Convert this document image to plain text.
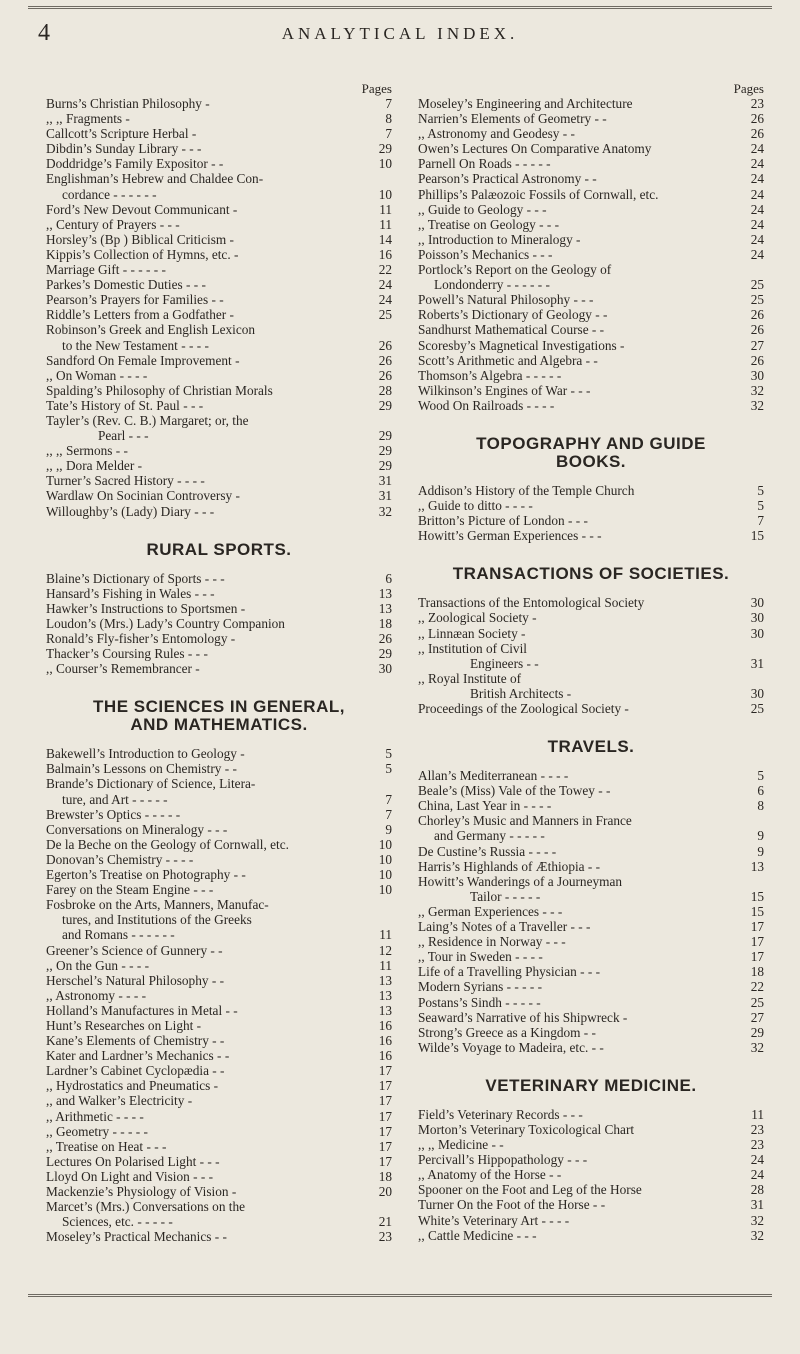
4	ANALYTICAL INDEX.
Pages
Burns’s Christian Philosophy -	7
,, ,, Fragments -	8
Callcott’s Scripture Herbal -	7
Dibdin’s Sunday Library - - -	29
Doddridge’s Family Expositor - -	10
Englishman’s Hebrew and Chaldee Con-
cordance - - - - - -	10
Ford’s New Devout Communicant -	11
,, Century of Prayers - - -	11
Horsley’s (Bp ) Biblical Criticism -	14
Kippis’s Collection of Hymns, etc. -	16
Marriage Gift - - - - - -	22
Parkes’s Domestic Duties - - -	24
Pearson’s Prayers for Families - -	24
Riddle’s Letters from a Godfather -	25
Robinson’s Greek and English Lexicon
to the New Testament - - - -	26
Sandford On Female Improvement -	26
,, On Woman - - - -	26
Spalding’s Philosophy of Christian Morals	28
Tate’s History of St. Paul - - -	29
Tayler’s (Rev. C. B.) Margaret; or, the
Pearl - - -	29
,, ,, Sermons - -	29
,, ,, Dora Melder -	29
Turner’s Sacred History - - - -	31
Wardlaw On Socinian Controversy -	31
Willoughby’s (Lady) Diary - - -	32
RURAL SPORTS.
Blaine’s Dictionary of Sports - - -	6
Hansard’s Fishing in Wales - - -	13
Hawker’s Instructions to Sportsmen -	13
Loudon’s (Mrs.) Lady’s Country Companion	18
Ronald’s Fly-fisher’s Entomology -	26
Thacker’s Coursing Rules - - -	29
,, Courser’s Remembrancer -	30
THE SCIENCES IN GENERAL,
AND MATHEMATICS.
Bakewell’s Introduction to Geology -	5
Balmain’s Lessons on Chemistry - -	5
Brande’s Dictionary of Science, Litera-
ture, and Art - - - - -	7
Brewster’s Optics - - - - -	7
Conversations on Mineralogy - - -	9
De la Beche on the Geology of Cornwall, etc.	10
Donovan’s Chemistry - - - -	10
Egerton’s Treatise on Photography - -	10
Farey on the Steam Engine - - -	10
Fosbroke on the Arts, Manners, Manufac-
tures, and Institutions of the Greeks
and Romans - - - - - -	11
Greener’s Science of Gunnery - -	12
,, On the Gun - - - -	11
Herschel’s Natural Philosophy - -	13
,, Astronomy - - - -	13
Holland’s Manufactures in Metal - -	13
Hunt’s Researches on Light -	16
Kane’s Elements of Chemistry - -	16
Kater and Lardner’s Mechanics - -	16
Lardner’s Cabinet Cyclopædia - -	17
,, Hydrostatics and Pneumatics -	17
,, and Walker’s Electricity -	17
,, Arithmetic - - - -	17
,, Geometry - - - - -	17
,, Treatise on Heat - - -	17
Lectures On Polarised Light - - -	17
Lloyd On Light and Vision - - -	18
Mackenzie’s Physiology of Vision -	20
Marcet’s (Mrs.) Conversations on the
Sciences, etc. - - - - -	21
Moseley’s Practical Mechanics - -	23
Pages
Moseley’s Engineering and Architecture	23
Narrien’s Elements of Geometry - -	26
,, Astronomy and Geodesy - -	26
Owen’s Lectures On Comparative Anatomy	24
Parnell On Roads - - - - -	24
Pearson’s Practical Astronomy - -	24
Phillips’s Palæozoic Fossils of Cornwall, etc.	24
,, Guide to Geology - - -	24
,, Treatise on Geology - - -	24
,, Introduction to Mineralogy -	24
Poisson’s Mechanics - - -	24
Portlock’s Report on the Geology of
Londonderry - - - - - -	25
Powell’s Natural Philosophy - - -	25
Roberts’s Dictionary of Geology - -	26
Sandhurst Mathematical Course - -	26
Scoresby’s Magnetical Investigations -	27
Scott’s Arithmetic and Algebra - -	26
Thomson’s Algebra - - - - -	30
Wilkinson’s Engines of War - - -	32
Wood On Railroads - - - -	32
TOPOGRAPHY AND GUIDE
BOOKS.
Addison’s History of the Temple Church	5
,, Guide to ditto - - - -	5
Britton’s Picture of London - - -	7
Howitt’s German Experiences - - -	15
TRANSACTIONS OF SOCIETIES.
Transactions of the Entomological Society	30
,, Zoological Society -	30
,, Linnæan Society -	30
,, Institution of Civil
Engineers - -	31
,, Royal Institute of
British Architects -	30
Proceedings of the Zoological Society -	25
TRAVELS.
Allan’s Mediterranean - - - -	5
Beale’s (Miss) Vale of the Towey - -	6
China, Last Year in - - - -	8
Chorley’s Music and Manners in France
and Germany - - - - -	9
De Custine’s Russia - - - -	9
Harris’s Highlands of Æthiopia - -	13
Howitt’s Wanderings of a Journeyman
Tailor - - - - -	15
,, German Experiences - - -	15
Laing’s Notes of a Traveller - - -	17
,, Residence in Norway - - -	17
,, Tour in Sweden - - - -	17
Life of a Travelling Physician - - -	18
Modern Syrians - - - - -	22
Postans’s Sindh - - - - -	25
Seaward’s Narrative of his Shipwreck -	27
Strong’s Greece as a Kingdom - -	29
Wilde’s Voyage to Madeira, etc. - -	32
VETERINARY MEDICINE.
Field’s Veterinary Records - - -	11
Morton’s Veterinary Toxicological Chart	23
,, ,, Medicine - -	23
Percivall’s Hippopathology - - -	24
,, Anatomy of the Horse - -	24
Spooner on the Foot and Leg of the Horse	28
Turner On the Foot of the Horse - -	31
White’s Veterinary Art - - - -	32
,, Cattle Medicine - - -	32
